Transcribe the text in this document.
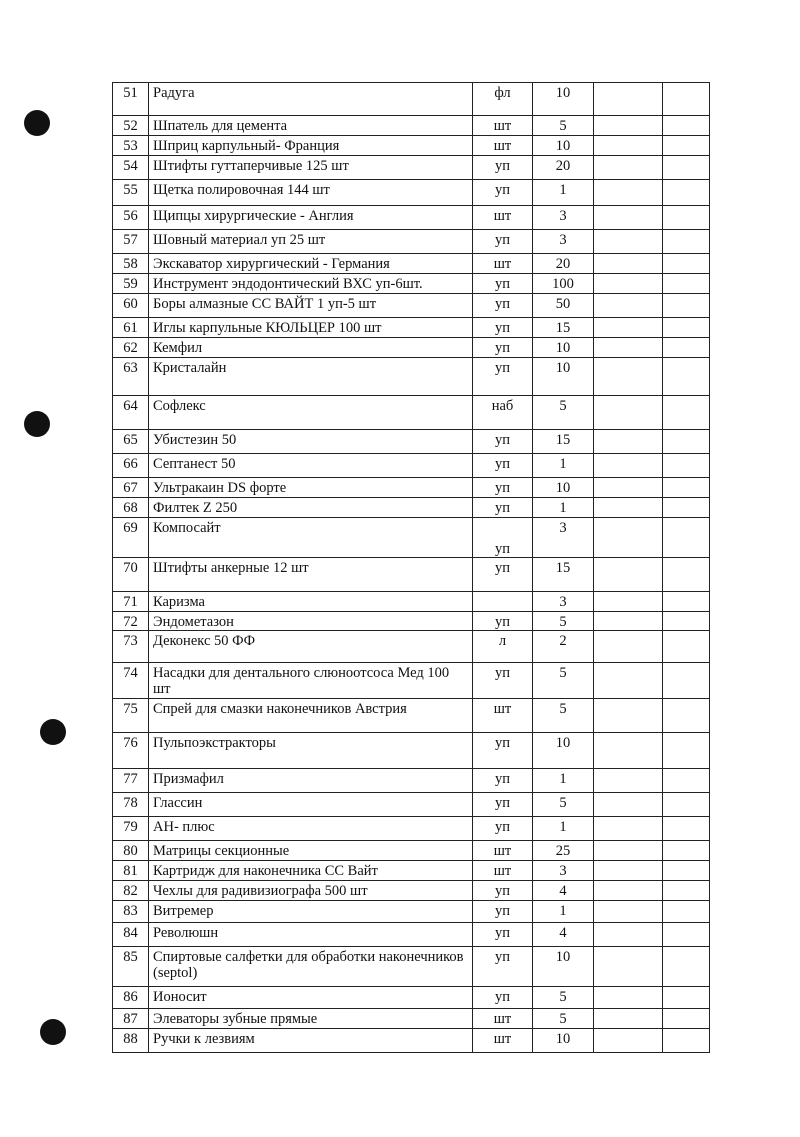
51	Радуга	фл	10		
52	Шпатель для цемента	шт	5		
53	Шприц карпульный- Франция	шт	10		
54	Штифты гуттаперчивые 125 шт	уп	20		
55	Щетка полировочная 144 шт	уп	1		
56	Щипцы хирургические - Англия	шт	3		
57	Шовный материал уп 25 шт	уп	3		
58	Экскаватор хирургический - Германия	шт	20		
59	Инструмент эндодонтический ВХС уп-6шт.	уп	100		
60	Боры алмазные СС ВАЙТ 1 уп-5 шт	уп	50		
61	Иглы карпульные КЮЛЬЦЕР 100 шт	уп	15		
62	Кемфил	уп	10		
63	Кристалайн	уп	10		
64	Софлекс	наб	5		
65	Убистезин 50	уп	15		
66	Септанест 50	уп	1		
67	Ультракаин DS форте	уп	10		
68	Филтек Z 250	уп	1		
69	Компосайт	уп	3		
70	Штифты анкерные 12 шт	уп	15		
71	Каризма		3		
72	Эндометазон	уп	5		
73	Деконекс 50 ФФ	л	2		
74	Насадки для дентального слюноотсоса Мед 100 шт	уп	5		
75	Спрей для смазки наконечников Австрия	шт	5		
76	Пульпоэкстракторы	уп	10		
77	Призмафил	уп	1		
78	Глассин	уп	5		
79	АН- плюс	уп	1		
80	Матрицы секционные	шт	25		
81	Картридж для наконечника СС Вайт	шт	3		
82	Чехлы для радивизиографа 500 шт	уп	4		
83	Витремер	уп	1		
84	Революшн	уп	4		
85	Спиртовые салфетки для обработки наконечников (septol)	уп	10		
86	Ионосит	уп	5		
87	Элеваторы зубные прямые	шт	5		
88	Ручки к лезвиям	шт	10		
